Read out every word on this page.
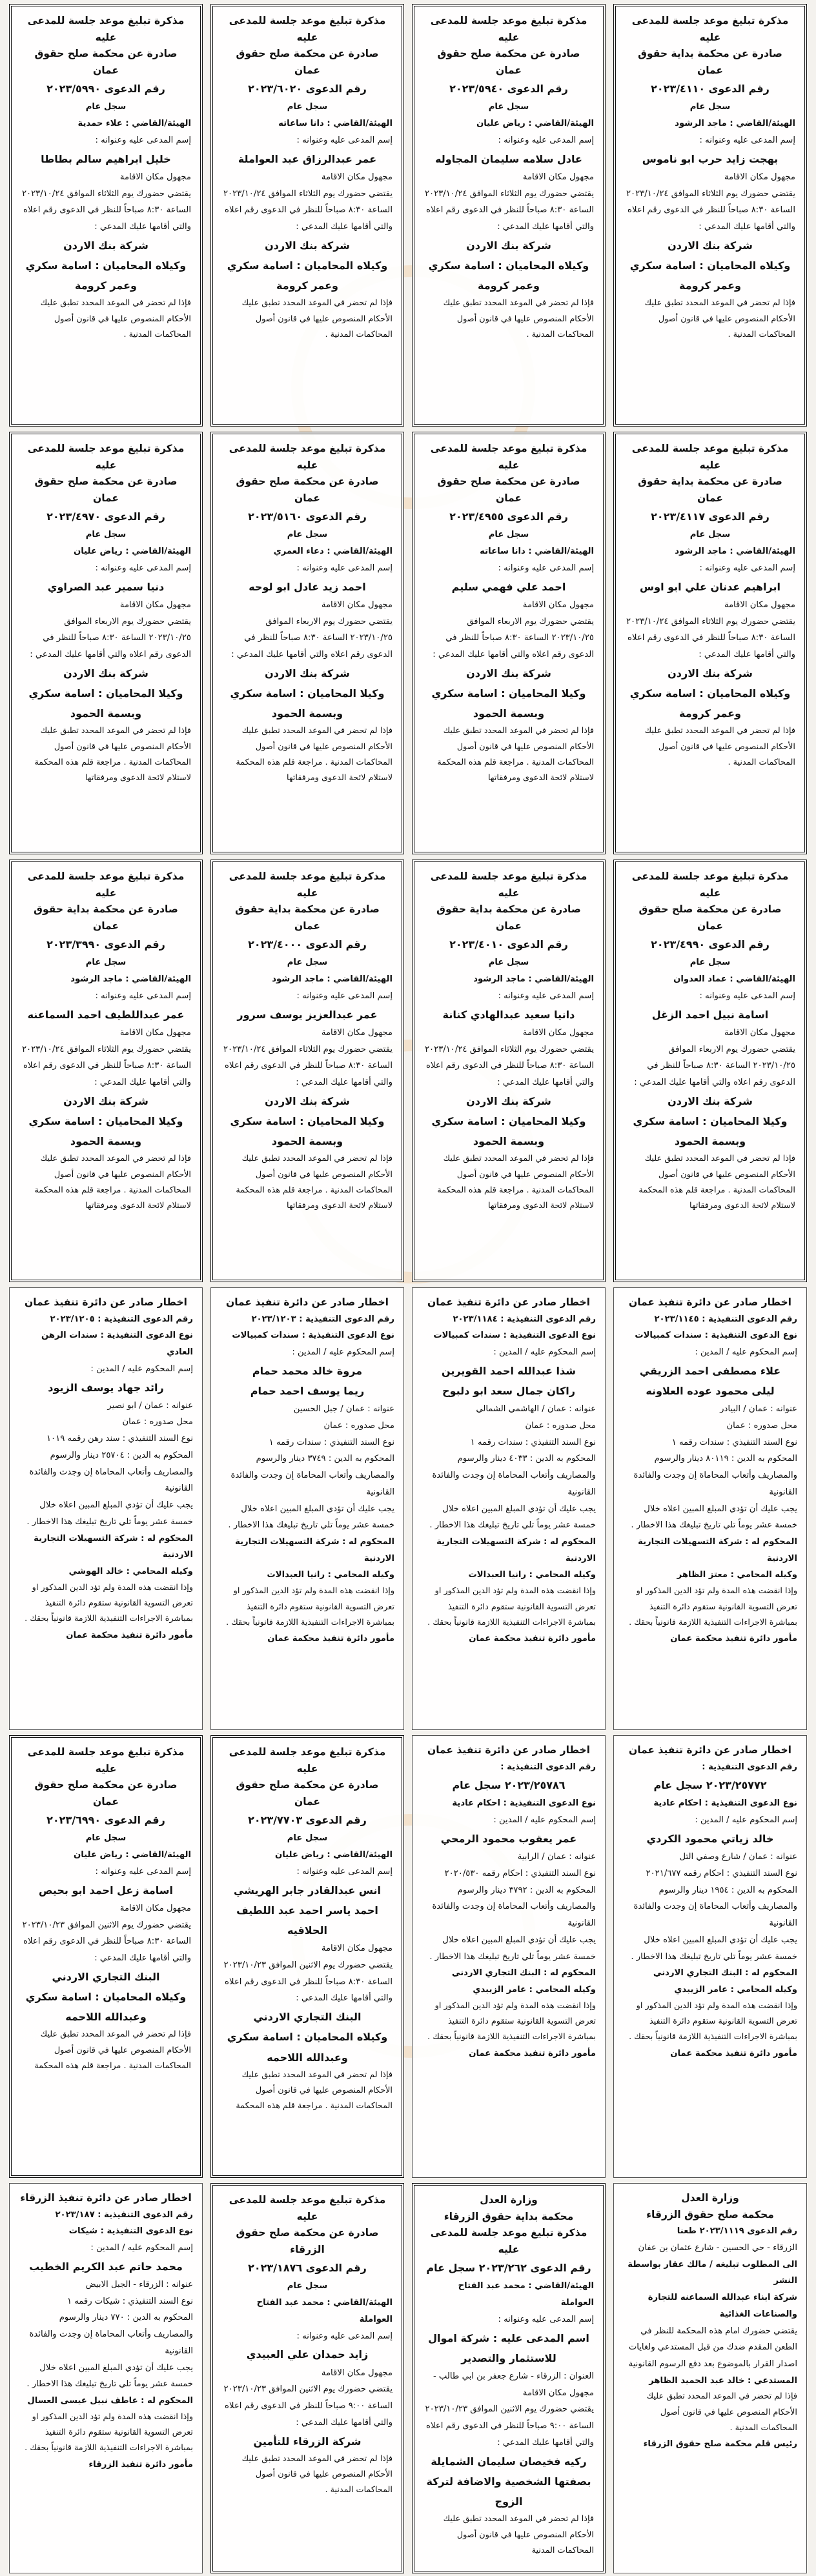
مذكرة تبليغ موعد جلسة للمدعى عليه
صادرة عن محكمة بداية حقوق عمان
رقم الدعوى ٢٠٢٣/٤١١٠
سجل عام
الهيئة/القاضي : ماجد الرشود
إسم المدعى عليه وعنوانه :
بهجت زايد حرب ابو ناموس
مجهول مكان الاقامة
يقتضي حضورك يوم الثلاثاء الموافق ٢٠٢٣/١٠/٢٤ الساعة ٨:٣٠ صباحاً للنظر في الدعوى رقم اعلاه والتي أقامها عليك المدعي :
شركة بنك الاردن
وكيلاه المحاميان : اسامة سكري وعمر كرومة
فإذا لم تحضر في الموعد المحدد تطبق عليك الأحكام المنصوص عليها في قانون أصول المحاكمات المدنية .
مذكرة تبليغ موعد جلسة للمدعى عليه
صادرة عن محكمة صلح حقوق عمان
رقم الدعوى ٢٠٢٣/٥٩٤٠
سجل عام
الهيئة/القاضي : رياض عليان
إسم المدعى عليه وعنوانه :
عادل سلامه سليمان المجاوله
مجهول مكان الاقامة
يقتضي حضورك يوم الثلاثاء الموافق ٢٠٢٣/١٠/٢٤ الساعة ٨:٣٠ صباحاً للنظر في الدعوى رقم اعلاه والتي أقامها عليك المدعي :
شركة بنك الاردن
وكيلاه المحاميان : اسامة سكري وعمر كرومة
فإذا لم تحضر في الموعد المحدد تطبق عليك الأحكام المنصوص عليها في قانون أصول المحاكمات المدنية .
مذكرة تبليغ موعد جلسة للمدعى عليه
صادرة عن محكمة صلح حقوق عمان
رقم الدعوى ٢٠٢٣/٦٠٢٠
سجل عام
الهيئة/القاضي : دانا ساعاته
إسم المدعى عليه وعنوانه :
عمر عبدالرزاق عبد العواملة
مجهول مكان الاقامة
يقتضي حضورك يوم الثلاثاء الموافق ٢٠٢٣/١٠/٢٤ الساعة ٨:٣٠ صباحاً للنظر في الدعوى رقم اعلاه والتي أقامها عليك المدعي :
شركة بنك الاردن
وكيلاه المحاميان : اسامة سكري وعمر كرومة
فإذا لم تحضر في الموعد المحدد تطبق عليك الأحكام المنصوص عليها في قانون أصول المحاكمات المدنية .
مذكرة تبليغ موعد جلسة للمدعى عليه
صادرة عن محكمة صلح حقوق عمان
رقم الدعوى ٢٠٢٣/٥٩٩٠
سجل عام
الهيئة/القاضي : علاء حمدية
إسم المدعى عليه وعنوانه :
خليل ابراهيم سالم بطاطا
مجهول مكان الاقامة
يقتضي حضورك يوم الثلاثاء الموافق ٢٠٢٣/١٠/٢٤ الساعة ٨:٣٠ صباحاً للنظر في الدعوى رقم اعلاه والتي أقامها عليك المدعي :
شركة بنك الاردن
وكيلاه المحاميان : اسامة سكري وعمر كرومة
فإذا لم تحضر في الموعد المحدد تطبق عليك الأحكام المنصوص عليها في قانون أصول المحاكمات المدنية .
مذكرة تبليغ موعد جلسة للمدعى عليه
صادرة عن محكمة بداية حقوق عمان
رقم الدعوى ٢٠٢٣/٤١١٧
سجل عام
الهيئة/القاضي : ماجد الرشود
إسم المدعى عليه وعنوانه :
ابراهيم عدنان علي ابو اوس
مجهول مكان الاقامة
يقتضي حضورك يوم الثلاثاء الموافق ٢٠٢٣/١٠/٢٤ الساعة ٨:٣٠ صباحاً للنظر في الدعوى رقم اعلاه والتي أقامها عليك المدعي :
شركة بنك الاردن
وكيلاه المحاميان : اسامة سكري وعمر كرومة
فإذا لم تحضر في الموعد المحدد تطبق عليك الأحكام المنصوص عليها في قانون أصول المحاكمات المدنية .
مذكرة تبليغ موعد جلسة للمدعى عليه
صادرة عن محكمة صلح حقوق عمان
رقم الدعوى ٢٠٢٣/٤٩٥٥
سجل عام
الهيئة/القاضي : دانا ساعاته
إسم المدعى عليه وعنوانه :
احمد علي فهمي سليم
مجهول مكان الاقامة
يقتضي حضورك يوم الاربعاء الموافق ٢٠٢٣/١٠/٢٥ الساعة ٨:٣٠ صباحاً للنظر في الدعوى رقم اعلاه والتي أقامها عليك المدعي :
شركة بنك الاردن
وكيلا المحاميان : اسامة سكري وبسمة الحمود
فإذا لم تحضر في الموعد المحدد تطبق عليك الأحكام المنصوص عليها في قانون أصول المحاكمات المدنية . مراجعة قلم هذه المحكمة لاستلام لائحة الدعوى ومرفقاتها
مذكرة تبليغ موعد جلسة للمدعى عليه
صادرة عن محكمة صلح حقوق عمان
رقم الدعوى ٢٠٢٣/٥١٦٠
سجل عام
الهيئة/القاضي : دعاء العمري
إسم المدعى عليه وعنوانه :
احمد زيد عادل ابو لوحه
مجهول مكان الاقامة
يقتضي حضورك يوم الاربعاء الموافق ٢٠٢٣/١٠/٢٥ الساعة ٨:٣٠ صباحاً للنظر في الدعوى رقم اعلاه والتي أقامها عليك المدعي :
شركة بنك الاردن
وكيلا المحاميان : اسامة سكري وبسمة الحمود
فإذا لم تحضر في الموعد المحدد تطبق عليك الأحكام المنصوص عليها في قانون أصول المحاكمات المدنية . مراجعة قلم هذه المحكمة لاستلام لائحة الدعوى ومرفقاتها
مذكرة تبليغ موعد جلسة للمدعى عليه
صادرة عن محكمة صلح حقوق عمان
رقم الدعوى ٢٠٢٣/٤٩٧٠
سجل عام
الهيئة/القاضي : رياض عليان
إسم المدعى عليه وعنوانه :
دنيا سمير عبد الصراوي
مجهول مكان الاقامة
يقتضي حضورك يوم الاربعاء الموافق ٢٠٢٣/١٠/٢٥ الساعة ٨:٣٠ صباحاً للنظر في الدعوى رقم اعلاه والتي أقامها عليك المدعي :
شركة بنك الاردن
وكيلا المحاميان : اسامة سكري وبسمة الحمود
فإذا لم تحضر في الموعد المحدد تطبق عليك الأحكام المنصوص عليها في قانون أصول المحاكمات المدنية . مراجعة قلم هذه المحكمة لاستلام لائحة الدعوى ومرفقاتها
مذكرة تبليغ موعد جلسة للمدعى عليه
صادرة عن محكمة صلح حقوق عمان
رقم الدعوى ٢٠٢٣/٤٩٩٠
سجل عام
الهيئة/القاضي : عماد العدوان
إسم المدعى عليه وعنوانه :
اسامة نبيل احمد الزغل
مجهول مكان الاقامة
يقتضي حضورك يوم الاربعاء الموافق ٢٠٢٣/١٠/٢٥ الساعة ٨:٣٠ صباحاً للنظر في الدعوى رقم اعلاه والتي أقامها عليك المدعي :
شركة بنك الاردن
وكيلا المحاميان : اسامة سكري وبسمة الحمود
فإذا لم تحضر في الموعد المحدد تطبق عليك الأحكام المنصوص عليها في قانون أصول المحاكمات المدنية . مراجعة قلم هذه المحكمة لاستلام لائحة الدعوى ومرفقاتها
مذكرة تبليغ موعد جلسة للمدعى عليه
صادرة عن محكمة بداية حقوق عمان
رقم الدعوى ٢٠٢٣/٤٠١٠
سجل عام
الهيئة/القاضي : ماجد الرشود
إسم المدعى عليه وعنوانه :
دانيا سعيد عبدالهادي كنانة
مجهول مكان الاقامة
يقتضي حضورك يوم الثلاثاء الموافق ٢٠٢٣/١٠/٢٤ الساعة ٨:٣٠ صباحاً للنظر في الدعوى رقم اعلاه والتي أقامها عليك المدعي :
شركة بنك الاردن
وكيلا المحاميان : اسامة سكري وبسمة الحمود
فإذا لم تحضر في الموعد المحدد تطبق عليك الأحكام المنصوص عليها في قانون أصول المحاكمات المدنية . مراجعة قلم هذه المحكمة لاستلام لائحة الدعوى ومرفقاتها
مذكرة تبليغ موعد جلسة للمدعى عليه
صادرة عن محكمة بداية حقوق عمان
رقم الدعوى ٢٠٢٣/٤٠٠٠
سجل عام
الهيئة/القاضي : ماجد الرشود
إسم المدعى عليه وعنوانه :
عمر عبدالعزيز يوسف سرور
مجهول مكان الاقامة
يقتضي حضورك يوم الثلاثاء الموافق ٢٠٢٣/١٠/٢٤ الساعة ٨:٣٠ صباحاً للنظر في الدعوى رقم اعلاه والتي أقامها عليك المدعي :
شركة بنك الاردن
وكيلا المحاميان : اسامة سكري وبسمة الحمود
فإذا لم تحضر في الموعد المحدد تطبق عليك الأحكام المنصوص عليها في قانون أصول المحاكمات المدنية . مراجعة قلم هذه المحكمة لاستلام لائحة الدعوى ومرفقاتها
مذكرة تبليغ موعد جلسة للمدعى عليه
صادرة عن محكمة بداية حقوق عمان
رقم الدعوى ٢٠٢٣/٣٩٩٠
سجل عام
الهيئة/القاضي : ماجد الرشود
إسم المدعى عليه وعنوانه :
عمر عبداللطيف احمد السماعنه
مجهول مكان الاقامة
يقتضي حضورك يوم الثلاثاء الموافق ٢٠٢٣/١٠/٢٤ الساعة ٨:٣٠ صباحاً للنظر في الدعوى رقم اعلاه والتي أقامها عليك المدعي :
شركة بنك الاردن
وكيلا المحاميان : اسامة سكري وبسمة الحمود
فإذا لم تحضر في الموعد المحدد تطبق عليك الأحكام المنصوص عليها في قانون أصول المحاكمات المدنية . مراجعة قلم هذه المحكمة لاستلام لائحة الدعوى ومرفقاتها
اخطار صادر عن دائرة تنفيذ عمان
رقم الدعوى التنفيذية : ٢٠٢٣/١١٤٥
نوع الدعوى التنفيذية : سندات كمبيالات
إسم المحكوم عليه / المدين :
علاء مصطفى احمد الزريقي
ليلى محمود عوده العلاونه
عنوانه : عمان / البيادر
محل صدوره : عمان
نوع السند التنفيذي : سندات رقمه ١
المحكوم به الدين : ٨٠١١٩ دينار والرسوم والمصاريف وأتعاب المحاماة إن وجدت والفائدة القانونية
يجب عليك أن تؤدي المبلغ المبين اعلاه خلال خمسة عشر يوماً تلي تاريخ تبليغك هذا الاخطار .
المحكوم له : شركة التسهيلات التجارية الاردنية
وكيله المحامي : معتز الظاهر
وإذا انقضت هذه المدة ولم تؤد الدين المذكور او تعرض التسوية القانونية ستقوم دائرة التنفيذ بمباشرة الاجراءات التنفيذية اللازمة قانونياً بحقك .
مأمور دائرة تنفيذ محكمة عمان
اخطار صادر عن دائرة تنفيذ عمان
رقم الدعوى التنفيذية : ٢٠٢٣/١١٨٤
نوع الدعوى التنفيذية : سندات كمبيالات
إسم المحكوم عليه / المدين :
شذا عبدالله احمد القويرين
راكان جمال سعد ابو دلبوح
عنوانه : عمان / الهاشمي الشمالي
محل صدوره : عمان
نوع السند التنفيذي : سندات رقمه ١
المحكوم به الدين : ٤٠٣٣ دينار والرسوم والمصاريف وأتعاب المحاماة إن وجدت والفائدة القانونية
يجب عليك أن تؤدي المبلغ المبين اعلاه خلال خمسة عشر يوماً تلي تاريخ تبليغك هذا الاخطار .
المحكوم له : شركة التسهيلات التجارية الاردنية
وكيله المحامي : رانيا العبدالات
وإذا انقضت هذه المدة ولم تؤد الدين المذكور او تعرض التسوية القانونية ستقوم دائرة التنفيذ بمباشرة الاجراءات التنفيذية اللازمة قانونياً بحقك .
مأمور دائرة تنفيذ محكمة عمان
اخطار صادر عن دائرة تنفيذ عمان
رقم الدعوى التنفيذية : ٢٠٢٣/١٢٠٣
نوع الدعوى التنفيذية : سندات كمبيالات
إسم المحكوم عليه / المدين :
مروة خالد محمد حمام
ريما يوسف احمد حمام
عنوانه : عمان / جبل الحسين
محل صدوره : عمان
نوع السند التنفيذي : سندات رقمه ١
المحكوم به الدين : ٣٧٤٩ دينار والرسوم والمصاريف وأتعاب المحاماة إن وجدت والفائدة القانونية
يجب عليك أن تؤدي المبلغ المبين اعلاه خلال خمسة عشر يوماً تلي تاريخ تبليغك هذا الاخطار .
المحكوم له : شركة التسهيلات التجارية الاردنية
وكيله المحامي : رانيا العبدالات
وإذا انقضت هذه المدة ولم تؤد الدين المذكور او تعرض التسوية القانونية ستقوم دائرة التنفيذ بمباشرة الاجراءات التنفيذية اللازمة قانونياً بحقك .
مأمور دائرة تنفيذ محكمة عمان
اخطار صادر عن دائرة تنفيذ عمان
رقم الدعوى التنفيذية : ٢٠٢٣/١٢٠٥
نوع الدعوى التنفيذية : سندات الرهن العادي
إسم المحكوم عليه / المدين :
رائد جهاد يوسف الزيود
عنوانه : عمان / ابو نصير
محل صدوره : عمان
نوع السند التنفيذي : سند رهن رقمه ١٠١٩
المحكوم به الدين : ٢٥٧٠٤ دينار والرسوم والمصاريف وأتعاب المحاماة إن وجدت والفائدة القانونية
يجب عليك أن تؤدي المبلغ المبين اعلاه خلال خمسة عشر يوماً تلي تاريخ تبليغك هذا الاخطار .
المحكوم له : شركة التسهيلات التجارية الاردنية
وكيله المحامي : خالد الهوشي
وإذا انقضت هذه المدة ولم تؤد الدين المذكور او تعرض التسوية القانونية ستقوم دائرة التنفيذ بمباشرة الاجراءات التنفيذية اللازمة قانونياً بحقك .
مأمور دائرة تنفيذ محكمة عمان
اخطار صادر عن دائرة تنفيذ عمان
رقم الدعوى التنفيذية :
٢٠٢٣/٢٥٧٧٢ سجل عام
نوع الدعوى التنفيذية : احكام عادية
إسم المحكوم عليه / المدين :
خالد زياتي محمود الكردي
عنوانه : عمان / شارع وصفي التل
نوع السند التنفيذي : احكام رقمه ٢٠٢١/٦٧٧
المحكوم به الدين : ١٩٥٤ دينار والرسوم والمصاريف وأتعاب المحاماة إن وجدت والفائدة القانونية
يجب عليك أن تؤدي المبلغ المبين اعلاه خلال خمسة عشر يوماً تلي تاريخ تبليغك هذا الاخطار .
المحكوم له : البنك التجاري الاردني
وكيله المحامي : عامر الزيبدي
وإذا انقضت هذه المدة ولم تؤد الدين المذكور او تعرض التسوية القانونية ستقوم دائرة التنفيذ بمباشرة الاجراءات التنفيذية اللازمة قانونياً بحقك .
مأمور دائرة تنفيذ محكمة عمان
اخطار صادر عن دائرة تنفيذ عمان
رقم الدعوى التنفيذية :
٢٠٢٣/٢٥٧٨٦ سجل عام
نوع الدعوى التنفيذية : احكام عادية
إسم المحكوم عليه / المدين :
عمر يعقوب محمود الرمحي
عنوانه : عمان / الرابية
نوع السند التنفيذي : احكام رقمه ٢٠٢٠/٥٣٠
المحكوم به الدين : ٣٧٩٢ دينار والرسوم والمصاريف وأتعاب المحاماة إن وجدت والفائدة القانونية
يجب عليك أن تؤدي المبلغ المبين اعلاه خلال خمسة عشر يوماً تلي تاريخ تبليغك هذا الاخطار .
المحكوم له : البنك التجاري الاردني
وكيله المحامي : عامر الزيبدي
وإذا انقضت هذه المدة ولم تؤد الدين المذكور او تعرض التسوية القانونية ستقوم دائرة التنفيذ بمباشرة الاجراءات التنفيذية اللازمة قانونياً بحقك .
مأمور دائرة تنفيذ محكمة عمان
مذكرة تبليغ موعد جلسة للمدعى عليه
صادرة عن محكمة صلح حقوق عمان
رقم الدعوى ٢٠٢٣/٧٧٠٣
سجل عام
الهيئة/القاضي : رياض عليان
إسم المدعى عليه وعنوانه :
انس عبدالقادر جابر الهريشي
احمد ياسر احمد عبد اللطيف الحلاقيه
مجهول مكان الاقامة
يقتضي حضورك يوم الاثنين الموافق ٢٠٢٣/١٠/٢٣ الساعة ٨:٣٠ صباحاً للنظر في الدعوى رقم اعلاه والتي أقامها عليك المدعي :
البنك التجاري الاردني
وكيلاه المحاميان : اسامة سكري وعبدالله اللاحمه
فإذا لم تحضر في الموعد المحدد تطبق عليك الأحكام المنصوص عليها في قانون أصول المحاكمات المدنية . مراجعة قلم هذه المحكمة
مذكرة تبليغ موعد جلسة للمدعى عليه
صادرة عن محكمة صلح حقوق عمان
رقم الدعوى ٢٠٢٣/٦٩٩٠
سجل عام
الهيئة/القاضي : رياض عليان
إسم المدعى عليه وعنوانه :
اسامة زعل احمد ابو بحيص
مجهول مكان الاقامة
يقتضي حضورك يوم الاثنين الموافق ٢٠٢٣/١٠/٢٣ الساعة ٨:٣٠ صباحاً للنظر في الدعوى رقم اعلاه والتي أقامها عليك المدعي :
البنك التجاري الاردني
وكيلاه المحاميان : اسامة سكري وعبدالله اللاحمه
فإذا لم تحضر في الموعد المحدد تطبق عليك الأحكام المنصوص عليها في قانون أصول المحاكمات المدنية . مراجعة قلم هذه المحكمة
وزارة العدل
محكمة صلح حقوق الزرقاء
رقم الدعوى ٢٠٢٣/١١١٩ طعنا
الزرقاء - حي الحسين - شارع عثمان بن عفان
الى المطلوب تبليغه / مالك عقار بواسطة النشر
شركة ابناء عبدالله السماعنه للتجارة والصناعات الغذائية
يقتضي حضورك امام هذه المحكمة للنظر في الطعن المقدم ضدك من قبل المستدعي ولغايات اصدار القرار بالموضوع بعد دفع الرسوم القانونية
المستدعي : خالد عبد الحميد الظاهر
فإذا لم تحضر في الموعد المحدد تطبق عليك الأحكام المنصوص عليها في قانون أصول المحاكمات المدنية .
رئيس قلم محكمة صلح حقوق الزرقاء
وزارة العدل
محكمة بداية حقوق الزرقاء
مذكرة تبليغ موعد جلسة للمدعى عليه
رقم الدعوى ٢٠٢٣/٢٦٢ سجل عام
الهيئة/القاضي : محمد عبد الفتاح العواملة
إسم المدعى عليه وعنوانه :
اسم المدعى عليه : شركة اموال للاستثمار والتصدير
العنوان : الزرقاء - شارع جعفر بن ابي طالب - مجهول مكان الاقامة
يقتضي حضورك يوم الاثنين الموافق ٢٠٢٣/١٠/٢٣ الساعة ٩:٠٠ صباحاً للنظر في الدعوى رقم اعلاه والتي أقامها عليك المدعي :
ركيه فخيصان سليمان الشمايلة بصفتها الشخصية والاضافة لتركة الزوج
فإذا لم تحضر في الموعد المحدد تطبق عليك الأحكام المنصوص عليها في قانون أصول المحاكمات المدنية
مذكرة تبليغ موعد جلسة للمدعى عليه
صادرة عن محكمة صلح حقوق الزرقاء
رقم الدعوى ٢٠٢٣/١٨٧٦
سجل عام
الهيئة/القاضي : محمد عبد الفتاح العواملة
إسم المدعى عليه وعنوانه :
زايد حمدان علي العبيدي
مجهول مكان الاقامة
يقتضي حضورك يوم الاثنين الموافق ٢٠٢٣/١٠/٢٣ الساعة ٩:٠٠ صباحاً للنظر في الدعوى رقم اعلاه والتي أقامها عليك المدعي :
شركة الزرقاء للتأمين
فإذا لم تحضر في الموعد المحدد تطبق عليك الأحكام المنصوص عليها في قانون أصول المحاكمات المدنية .
اخطار صادر عن دائرة تنفيذ الزرقاء
رقم الدعوى التنفيذية : ٢٠٢٣/١٨٧
نوع الدعوى التنفيذية : شيكات
إسم المحكوم عليه / المدين :
محمد حاتم عبد الكريم الخطيب
عنوانه : الزرقاء - الجبل الابيض
نوع السند التنفيذي : شيكات رقمه ١
المحكوم به الدين : ٧٧٠ دينار والرسوم والمصاريف وأتعاب المحاماة إن وجدت والفائدة القانونية
يجب عليك أن تؤدي المبلغ المبين اعلاه خلال خمسة عشر يوماً تلي تاريخ تبليغك هذا الاخطار .
المحكوم له : عاطف نبيل عيسى العسال
وإذا انقضت هذه المدة ولم تؤد الدين المذكور او تعرض التسوية القانونية ستقوم دائرة التنفيذ بمباشرة الاجراءات التنفيذية اللازمة قانونياً بحقك .
مأمور دائرة تنفيذ الزرقاء
